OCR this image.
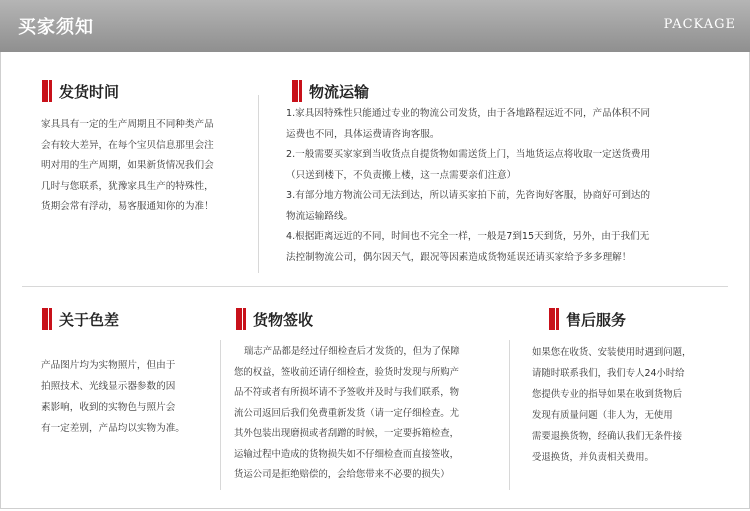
买家须知	PACKAGE
发货时间
家具具有一定的生产周期且不同种类产品
会有较大差异，在每个宝贝信息那里会注
明对用的生产周期，如果新货情况我们会
几时与您联系，犹豫家具生产的特殊性，
货期会常有浮动，易客服通知你的为准！
物流运输
1.家具因特殊性只能通过专业的物流公司发货，由于各地路程远近不同，产品体积不同
运费也不同，具体运费请咨询客服。
2.一般需要买家家到当收货点自提货物如需送货上门，当地货运点将收取一定送货费用
（只送到楼下，不负责搬上楼，这一点需要亲们注意）
3.有部分地方物流公司无法到达，所以请买家拍下前，先咨询好客服，协商好可到达的
物流运输路线。
4.根据距离远近的不同，时间也不完全一样，一般是7到15天到货，另外，由于我们无
法控制物流公司，偶尔因天气，跟况等因素造成货物延误还请买家给予多多理解！
关于色差
产品图片均为实物照片，但由于
拍照技术、光线显示器参数的因
素影响，收到的实物色与照片会
有一定差别，产品均以实物为准。
货物签收
瑞志产品都是经过仔细检查后才发货的，但为了保障
您的权益，签收前还请仔细检查，验货时发现与所购产
品不符或者有所损坏请不予签收并及时与我们联系，物
流公司返回后我们免费重新发货（请一定仔细检查。尤
其外包装出现磨损或者刮蹭的时候，一定要拆箱检查，
运输过程中造成的货物损失如不仔细检查而直接签收，
货运公司是拒绝赔偿的，会给您带来不必要的损失）
售后服务
如果您在收货、安装使用时遇到问题，
请随时联系我们，我们专人24小时给
您提供专业的指导如果在收到货物后
发现有质量问题（非人为，无使用
需要退换货物，经确认我们无条件接
受退换货，并负责相关费用。
